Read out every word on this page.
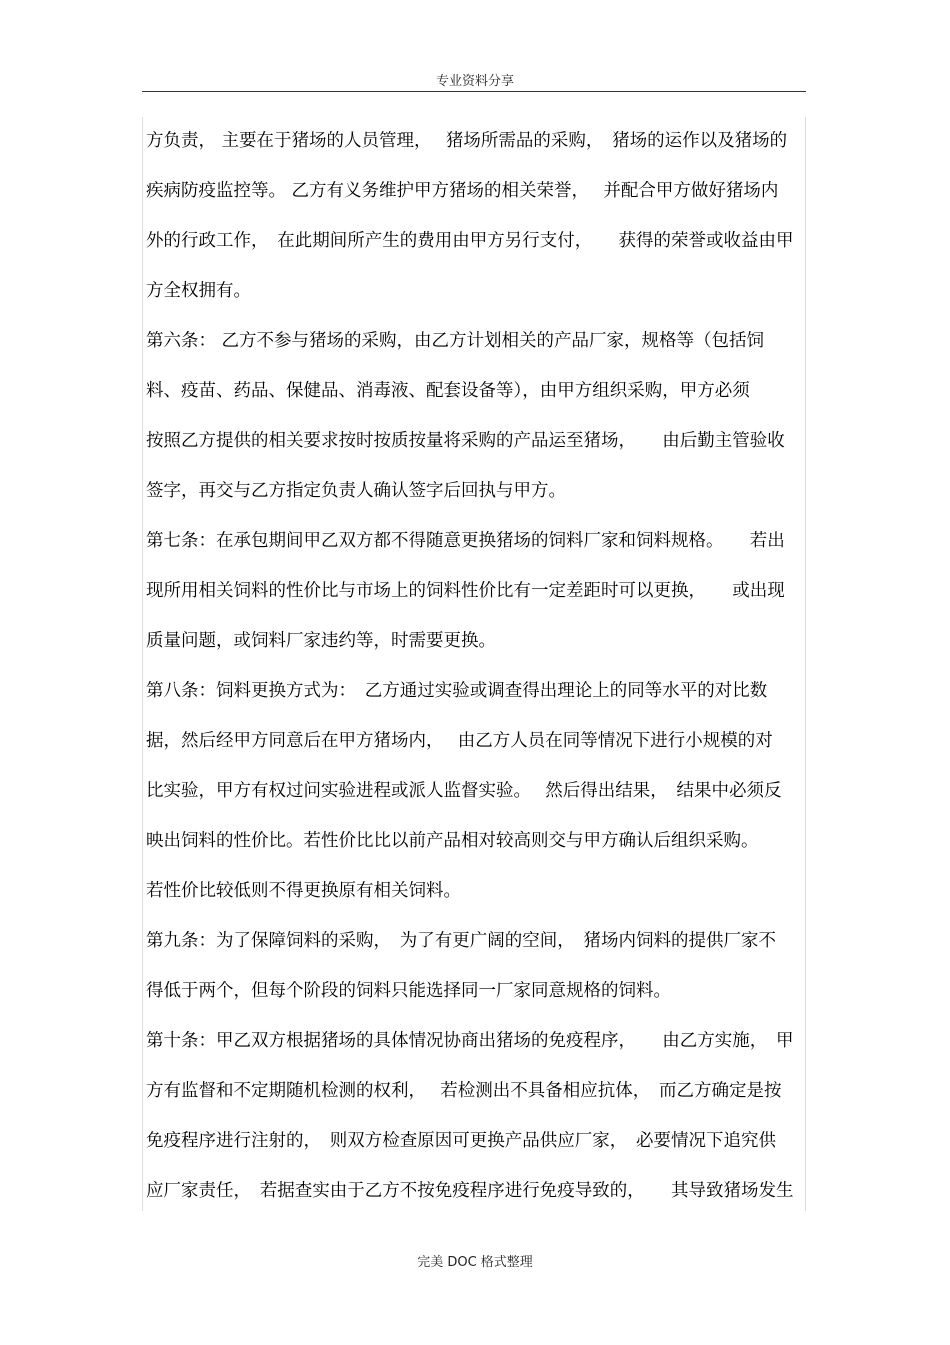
专业资料分享
方负责， 主要在于猪场的人员管理，　 猪场所需品的采购，　猪场的运作以及猪场的
疾病防疫监控等。 乙方有义务维护甲方猪场的相关荣誉，　 并配合甲方做好猪场内
外的行政工作，　在此期间所产生的费用由甲方另行支付，　　获得的荣誉或收益由甲
方全权拥有。
第六条： 乙方不参与猪场的采购，由乙方计划相关的产品厂家，规格等（包括饲
料、疫苗、药品、保健品、消毒液、配套设备等），由甲方组织采购，甲方必须
按照乙方提供的相关要求按时按质按量将采购的产品运至猪场，　　由后勤主管验收
签字，再交与乙方指定负责人确认签字后回执与甲方。
第七条：在承包期间甲乙双方都不得随意更换猪场的饲料厂家和饲料规格。　　若出
现所用相关饲料的性价比与市场上的饲料性价比有一定差距时可以更换，　　或出现
质量问题，或饲料厂家违约等，时需要更换。
第八条：饲料更换方式为：　乙方通过实验或调查得出理论上的同等水平的对比数
据，然后经甲方同意后在甲方猪场内，　 由乙方人员在同等情况下进行小规模的对
比实验，甲方有权过问实验进程或派人监督实验。　 然后得出结果，　结果中必须反
映出饲料的性价比。若性价比比以前产品相对较高则交与甲方确认后组织采购。
若性价比较低则不得更换原有相关饲料。
第九条：为了保障饲料的采购，　为了有更广阔的空间，　猪场内饲料的提供厂家不
得低于两个，但每个阶段的饲料只能选择同一厂家同意规格的饲料。
第十条：甲乙双方根据猪场的具体情况协商出猪场的免疫程序，　　由乙方实施，　甲
方有监督和不定期随机检测的权利，　 若检测出不具备相应抗体，　而乙方确定是按
免疫程序进行注射的，　则双方检查原因可更换产品供应厂家，　必要情况下追究供
应厂家责任，　若据查实由于乙方不按免疫程序进行免疫导致的，　　其导致猪场发生
完美 DOC 格式整理
